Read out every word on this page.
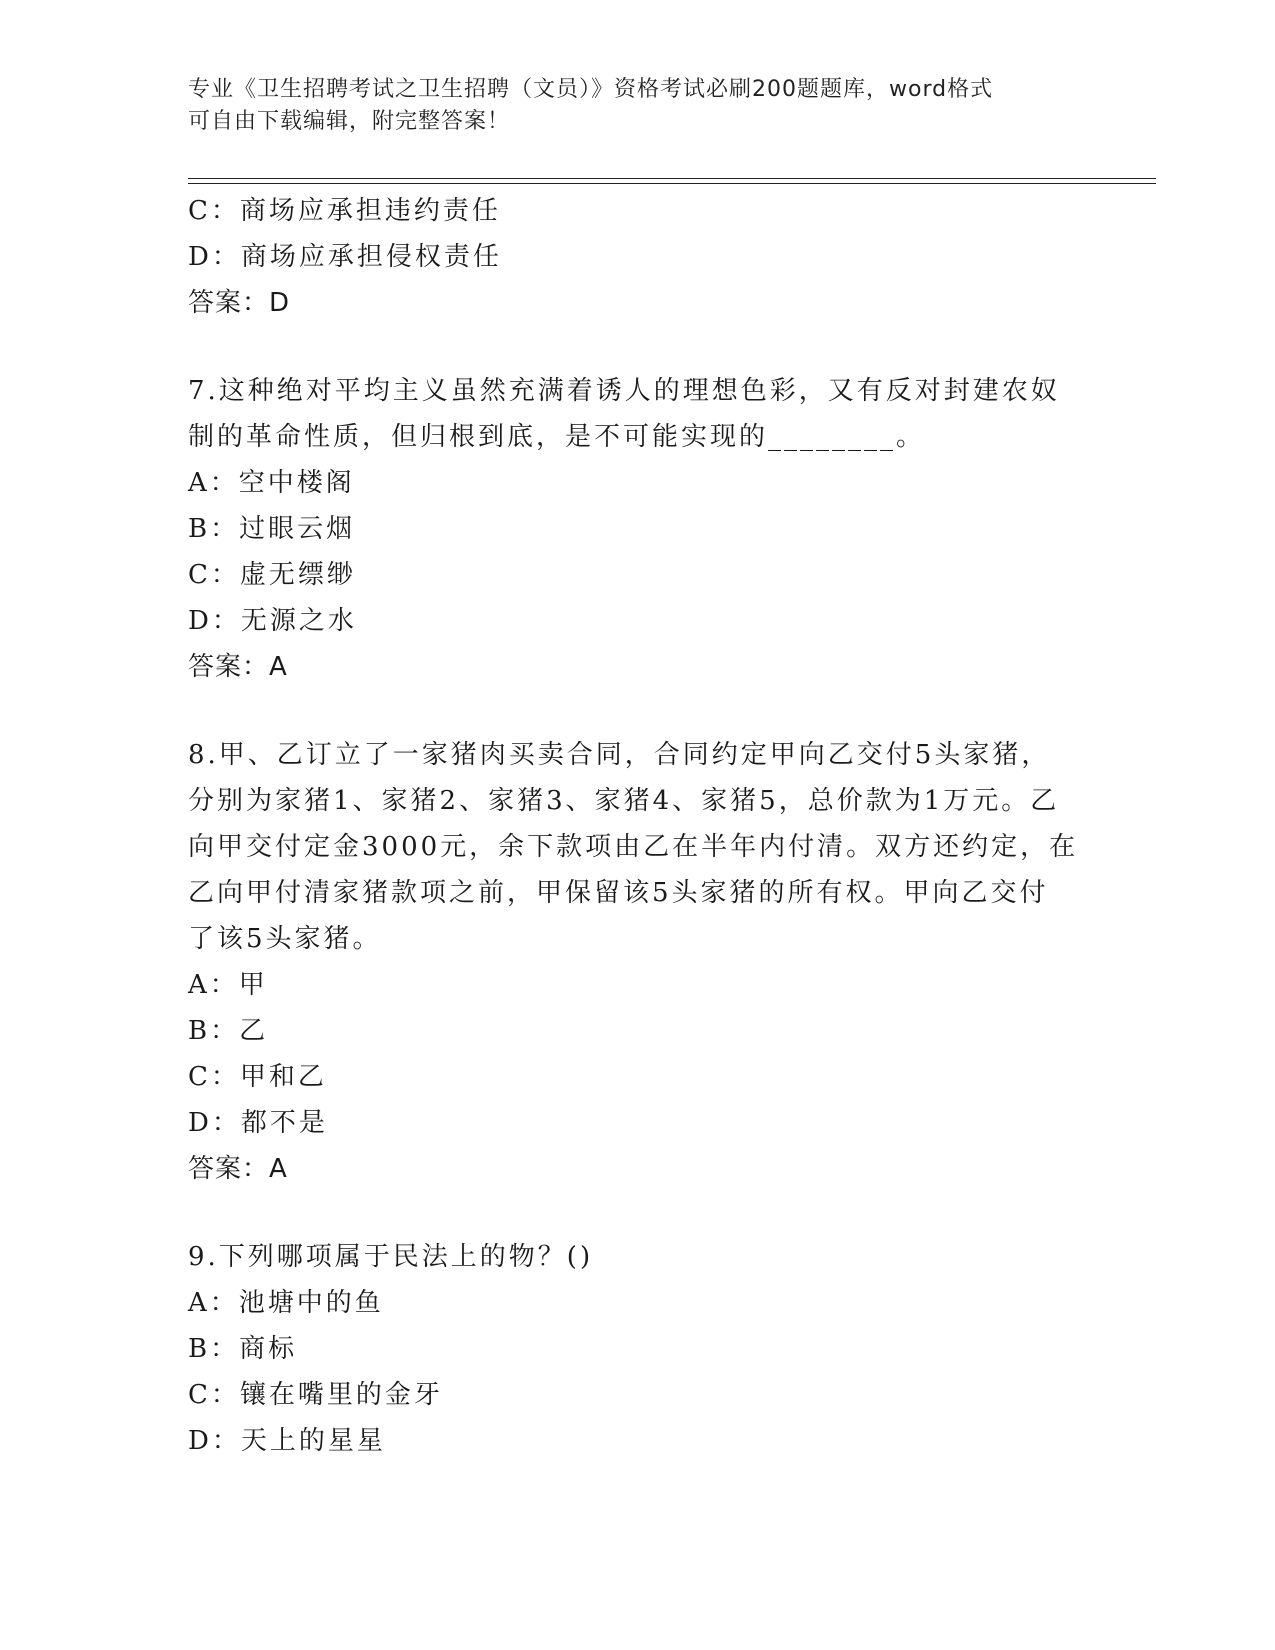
专业《卫生招聘考试之卫生招聘（文员）》资格考试必刷200题题库，word格式
可自由下载编辑，附完整答案！
C：商场应承担违约责任
D：商场应承担侵权责任
答案：D
7.这种绝对平均主义虽然充满着诱人的理想色彩，又有反对封建农奴
制的革命性质，但归根到底，是不可能实现的________。
A：空中楼阁
B：过眼云烟
C：虚无缥缈
D：无源之水
答案：A
8.甲、乙订立了一家猪肉买卖合同，合同约定甲向乙交付5头家猪，
分别为家猪1、家猪2、家猪3、家猪4、家猪5，总价款为1万元。乙
向甲交付定金3000元，余下款项由乙在半年内付清。双方还约定，在
乙向甲付清家猪款项之前，甲保留该5头家猪的所有权。甲向乙交付
了该5头家猪。
A：甲
B：乙
C：甲和乙
D：都不是
答案：A
9.下列哪项属于民法上的物？()
A：池塘中的鱼
B：商标
C：镶在嘴里的金牙
D：天上的星星
